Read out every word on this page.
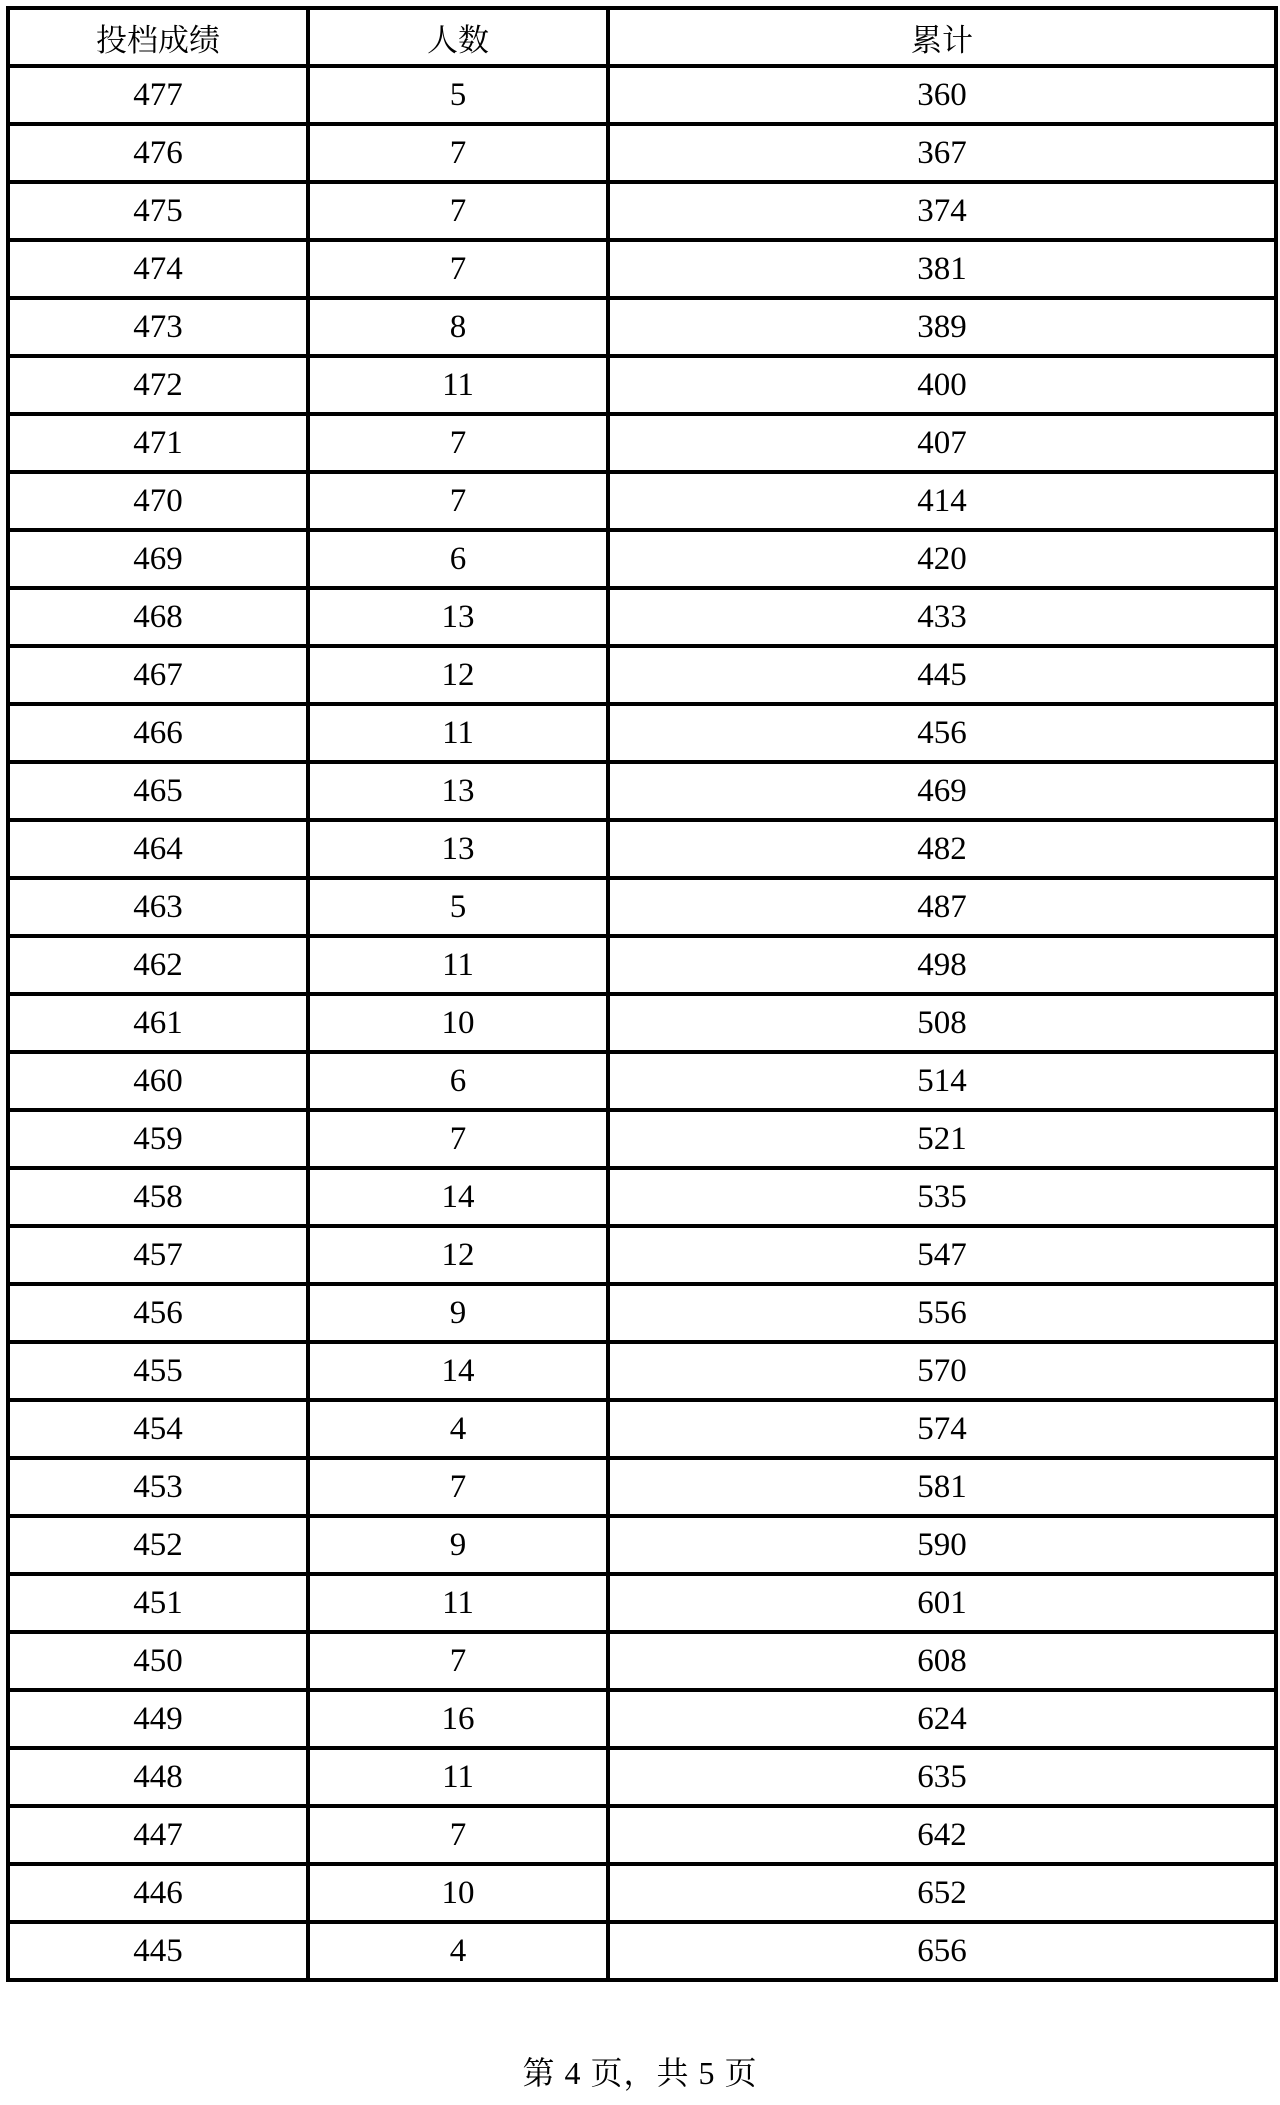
投档成绩	人数	累计
477	5	360
476	7	367
475	7	374
474	7	381
473	8	389
472	11	400
471	7	407
470	7	414
469	6	420
468	13	433
467	12	445
466	11	456
465	13	469
464	13	482
463	5	487
462	11	498
461	10	508
460	6	514
459	7	521
458	14	535
457	12	547
456	9	556
455	14	570
454	4	574
453	7	581
452	9	590
451	11	601
450	7	608
449	16	624
448	11	635
447	7	642
446	10	652
445	4	656
第 4 页，共 5 页
